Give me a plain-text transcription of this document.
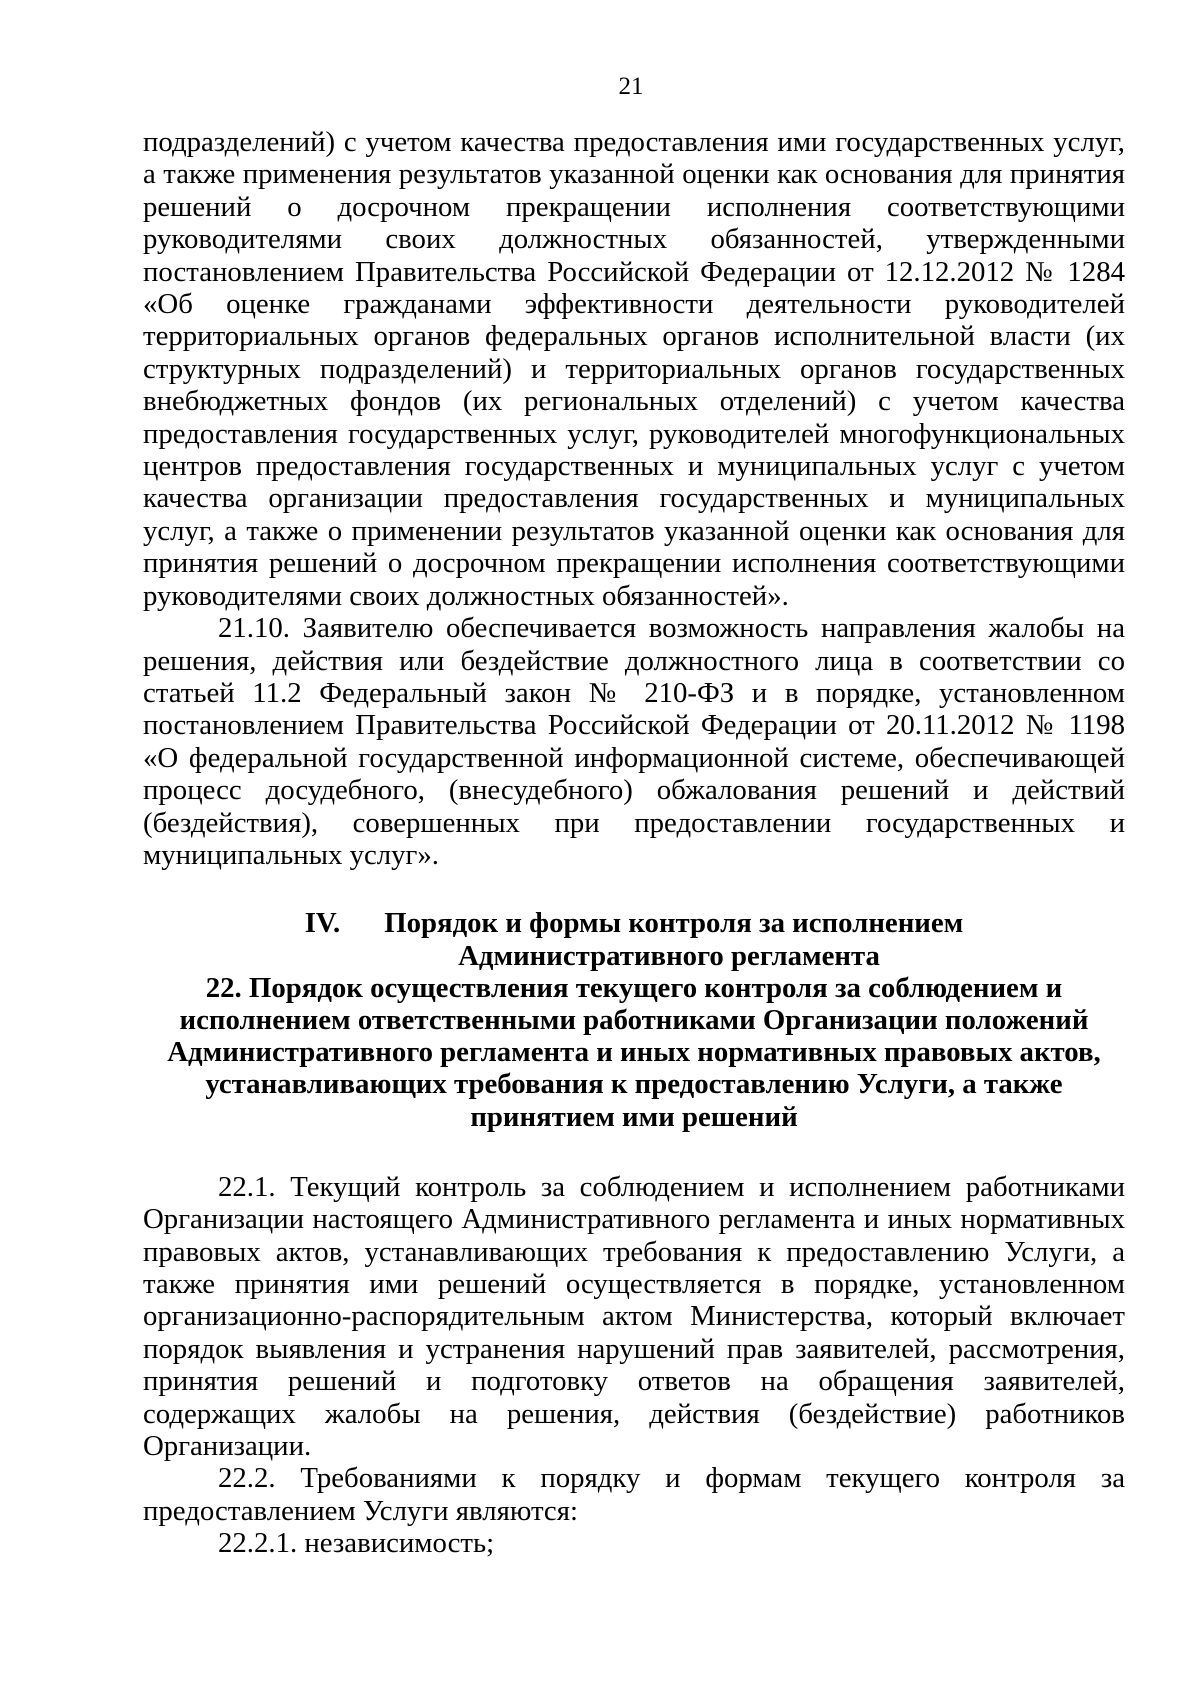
21

подразделений) с учетом качества предоставления ими государственных услуг, а также применения результатов указанной оценки как основания для принятия решений о досрочном прекращении исполнения соответствующими руководителями своих должностных обязанностей, утвержденными постановлением Правительства Российской Федерации от 12.12.2012 № 1284 «Об оценке гражданами эффективности деятельности руководителей территориальных органов федеральных органов исполнительной власти (их структурных подразделений) и территориальных органов государственных внебюджетных фондов (их региональных отделений) с учетом качества предоставления государственных услуг, руководителей многофункциональных центров предоставления государственных и муниципальных услуг с учетом качества организации предоставления государственных и муниципальных услуг, а также о применении результатов указанной оценки как основания для принятия решений о досрочном прекращении исполнения соответствующими руководителями своих должностных обязанностей».

21.10. Заявителю обеспечивается возможность направления жалобы на решения, действия или бездействие должностного лица в соответствии со статьей 11.2 Федеральный закон № 210-ФЗ и в порядке, установленном постановлением Правительства Российской Федерации от 20.11.2012 № 1198 «О федеральной государственной информационной системе, обеспечивающей процесс досудебного, (внесудебного) обжалования решений и действий (бездействия), совершенных при предоставлении государственных и муниципальных услуг».

IV. Порядок и формы контроля за исполнением
Административного регламента
22. Порядок осуществления текущего контроля за соблюдением и
исполнением ответственными работниками Организации положений
Административного регламента и иных нормативных правовых актов,
устанавливающих требования к предоставлению Услуги, а также
принятием ими решений

22.1. Текущий контроль за соблюдением и исполнением работниками Организации настоящего Административного регламента и иных нормативных правовых актов, устанавливающих требования к предоставлению Услуги, а также принятия ими решений осуществляется в порядке, установленном организационно-распорядительным актом Министерства, который включает порядок выявления и устранения нарушений прав заявителей, рассмотрения, принятия решений и подготовку ответов на обращения заявителей, содержащих жалобы на решения, действия (бездействие) работников Организации.

22.2. Требованиями к порядку и формам текущего контроля за предоставлением Услуги являются:

22.2.1. независимость;
